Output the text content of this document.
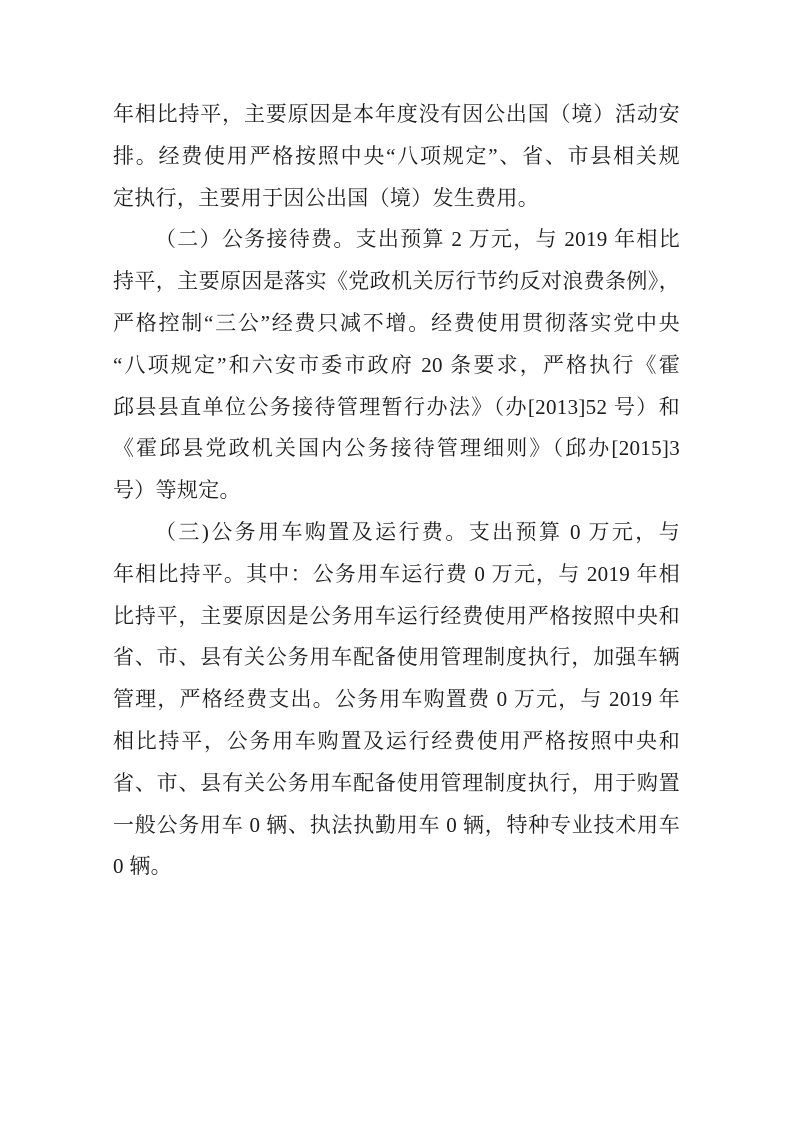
年相比持平，主要原因是本年度没有因公出国（境）活动安
排。经费使用严格按照中央“八项规定”、省、市县相关规
定执行，主要用于因公出国（境）发生费用。
（二）公务接待费。支出预算 2 万元，与 2019 年相比
持平，主要原因是落实《党政机关厉行节约反对浪费条例》，
严格控制“三公”经费只减不增。经费使用贯彻落实党中央
“八项规定”和六安市委市政府 20 条要求，严格执行《霍
邱县县直单位公务接待管理暂行办法》（办[2013]52 号）和
《霍邱县党政机关国内公务接待管理细则》（邱办[2015]3
号）等规定。
（三)公务用车购置及运行费。支出预算 0 万元，与
年相比持平。其中：公务用车运行费 0 万元，与 2019 年相
比持平，主要原因是公务用车运行经费使用严格按照中央和
省、市、县有关公务用车配备使用管理制度执行，加强车辆
管理，严格经费支出。公务用车购置费 0 万元，与 2019 年
相比持平，公务用车购置及运行经费使用严格按照中央和
省、市、县有关公务用车配备使用管理制度执行，用于购置
一般公务用车 0 辆、执法执勤用车 0 辆，特种专业技术用车
0 辆。
